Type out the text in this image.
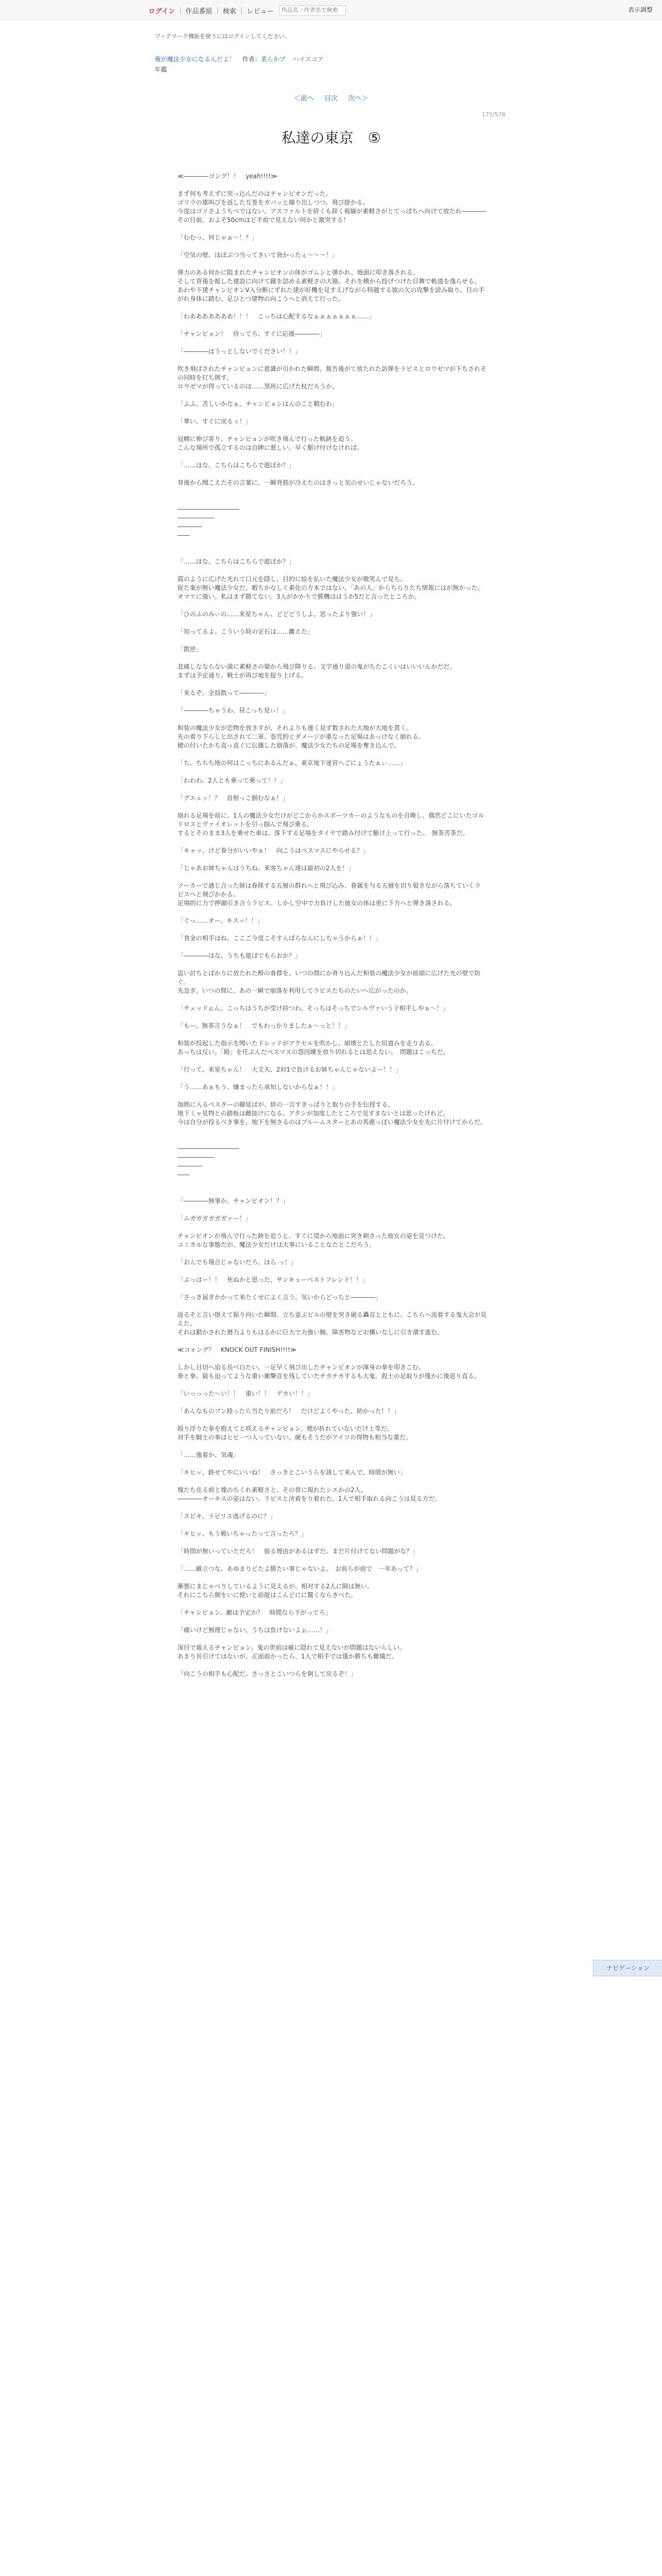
ログイン | 作品番組 | 検索 | レビュー
作品名・作者名で検索	表示調整
ブックマーク機能を使うにはログインしてください。
俺が魔法少女になるんだよ！ 作者：柔らかブ ハイスコア
年鑑
＜前へ 目次 次へ＞
175/578
私達の東京　⑤
≪――――ゴング！！　yeah!!!!≫

まず何も考えずに突っ込んだのはチャンピオンだった。
ゴリラの雄叫びを返した互巻をガバッと繰り出しつつ、飛び掛かる。
今度はゴリさようちべではない。アスファルトを砕くも辞く視線が素軽さがとてっぱちへ向けて放たれ――――その目前、およそ50cmほど手前で見えない何かと激突する！

「むむっ、何じゃぁ～！？」

「空気の壁。ほぼぶつ当ってきいて衰かったぇ～～～！」

弾力のある何かに阻まれたチャンピオンの体がゴムンと弾かれ、地面に叩き落される。
そして背後を振した建設に向けて蹴を詰める素軽さの大猿。それを横から投げつけた目舞で軌道を逸らせる。
あわや下建チャンピオンV入分断にずれた建が好機を見すえげながら特越する彼の欠の攻撃を読み取り、目の手がれ身体に踏む、足ひとつ建物の向こうへと消えて行った。

「わあああああああ！！！　こっちは心配するなぁぁぁぁぁぁぁ……」

「チャンピョン！　待ってろ、すぐに応援――――」

「――――ほうっとしないでください！！」

吹き飛ばされたチャンピョンに意識が引かれた瞬間、報告後がて放たれた訪弾をラピスとロウゼマが下ちされその同時を打ち倒す。
ロウゼマが得っているのは……黒班に広げた杖だろうか。

「ふふ、苦しいかなぁ。チャンピョンはんのこと鞘むわ」

「華い、すぐに戻るぅ！」

冠轄に伸び寄り、チャンピョンが吹き飛んで行った軌跡を追う。
こんな場所で孤立するのは自陣に悪しい。早く駆け付けなければ。

「……ほな、こちらはこちらで遊ぼか？」

背後から聞こえたその言葉に、一瞬背筋が冷えたのはきっと気のせいじゃないだろう。

――――――――――
――――――
――――
――

「……ほな、こちらはこちらで遊ぼか？」

霞のように広げた光れて口元を隠し、目的に絵を払いた魔法少女が微笑んで見ち。
捉た案が無い魔法少女だ。暇ちかなしく素化の方本ではない。「あの人」からちらりたち情報にはが無かった。
オマケに強い。私はまず勝てない。3人がかかりで勝機ははうか5だと言ったところか。

「ひのふのみぃの……来星ちゃん、どどどうしよ、思ったより強い！」

「知ってるよ。こういう時の定石は……離えた」

「散逆」

悲痛しなならない満に素軽さの築から飛び降りる。文字通り退の鬼がちたこくいはいいいんかだだ。
まずは予定通り、戦士が再び地を捉り上げる。

「来るぞ、全員散って――――」

「――――ちゃうわ、昼こっち見ぃ！」

和装の魔法少女が恋物を放きすが、それよりも速く見ず数された大地が大地を貫く。
先の着り下らしと出されて二軍、卷咒的とダメージが重なった足場はあっけなく崩れる。
穂の付いたかち直っ直ぐに伝播した崩落が、魔法少女たちの足場を奪き込んで。

「ち、ちちち地の何はこっちにあるんだぁ、東京地下迷宮へごにょうたぁぃ……」

「わわわ、2人とも乗って乗って！！」

「グエェッ！？　首根っこ掴むなぁ！」

崩れる足場を前に、1人の魔法少女だけがどこからかスポーツカーのようなものを召喚し、偶然どこにいたゴルドロスとヴァイオレットを引っ掴んで飛び乗る。
するとそのまま3人を乗せた車は、落下する足場をタイヤで踏み付けて駆け上って行った。　無茶苦茶だ。

「キャッ、けど眷分がいいやぁ！　向こうはペスマスにやらせる？」

「じゃあお姉ちゃんはうちね。来客ちゃん達は最初の2人を！」

ツーカーで通じ合った姉は眷隊する五層の群れへと飛び込み、眷属を与る五層を切り裂きながら落ちていくラピスへと飛びかかる。
足場的に力で押韻引き合うラピス。しかし空中で力負けした彼女の体は更に下方へと弾き落される。

「ぐっ……オー、キスッ！！」

「食金の相手はね、ここご今度こそすんぱらなんにしちゃうからぁ！！」

「――――ほな、うちも遊ばでもらおか？」

盗い討ちとばかりに放たれた酔の眷群を、いつの間にか背り込んだ和装の魔法少女が前頭に広げた光の壁で防ぐ。
先急ぎ。いつの間に、あの一瞬で崩落を利用してラピスたちのたいへ広がったのか。

「チェッドぉん、こっちはうちが受け持つわ。そっちはそっちでシルヴァいう子相手しやぁ～！」

「もー、無茶言うなぁ！　でもわっかりましたぁ～っと！！」

和装が投起した指示を聞いたドレッドがアクセルを吹かし、崩壊とたした垣道みを走り去る。
あっちは反い。「殿」を任ぶんだペスマスの怨因練を放り切れるとは思えない。　問題はこっちだ。

「行って、来星ちゃん！　大丈夫、2対1で負けるお姉ちゃんじゃないよー！！」

「う……あぁもう、嫌まったら承知しないからなぁ！！」

加熱に入るペスターの脚延ばが、絆の一言すぎっぱりと取りの手を伝授する。
地下ミャ見物との踏板は雌抜けになる。アタシが加度したところで見すまないとは思ったけれど。
今は自分が投るべき事を、地下を無さるのはブルームスターとあの馬鹿っぽい魔法少女を先に片付けてからだ。

――――――――――
――――――
――――
――

「――――無事か、チャンピオン！？」

「ムガガガガガガァー！」

チャンピオンが飛んで行った跡を追うと、すぐに望から地面に突き刺さった彼女の姿を見つけた。
コミカルな事態だが、魔法少女だけは大事にいることなたとこだろう。

「おんでも場合じゃないだろ、ほら っ！」

「ぷっはー！！　死ぬかと思った、サンキューベストフレンド！！」

「さっき届ぎかかって来たくせによく言う。気いからどっちと――――」

返るそと言い掛えて振り向いた瞬間、立ち並ぶビルの壁を突き破る轟音とともに、こちらへ流着する鬼大会が見えた。
それは動かされた暦力よりもはるかに巨大で力強い腕。障害物などお構いなしに引き潰す進む、

≪コォング？　KNOCK OUT FINISH!!!!≫

しかし目切へ迫る長べ白たい、一足早く飛び出したチャンピオンが渾身の拳を叩きこむ。
拳と拳。最も迫ってような重い衝撃音を残していたチカチカするも大鬼、殺士の足取りが僅かに後退り直る。

「いっっった～い！！　重い！！　デカい！！」

「あんなものブン殴ったら当たり前だろ！　だけどよくやった、助かった！！」

殴り浮りた拳を抱えてと咲えるチャンピョン。煙が折れていないだけ上等だ。
対手を騎士の拳はヒビ一つ入っていない。硬もそうだがアイツの得物も相当な業だ。

「……強着か、気魂」

「キヒッ、鉄せてやにいいね！　さっきとこいうらを誘して来んで、時間が無い」

塊たち在る前と塊のちくれ素軽さと、その骨に現れたシエかの2人。
――――オーキスの姿はない。ラピスと決着をり着れた。1人で相手取れる向こうは見る方だ。

「スピキ、ラピリス逃げるのに？」

「キヒッ、もう戦いちゃったって言ったろ？」

「時間が無いっていただろ！　彼る理由があるはずだ。まだ片付けてない問題がな？」

「……敵立つな。あゆまりどたよ勝たい事じゃないよ。　お前らが前で　一年あって？」

漸悪にまじゃべりしているように見えるが、相对する2人に隙は無い。
それにこちら側をいに使いと前能はこんどにに驚くならきべた。

「チャンピョン、敵は予定か？　時間なら下がってろ」

「痛いけど無理じゃない。うちは負けないよぉ……！」

深目で震えるチャンピョン、鬼の世前は確に隠れて見えないが問題はないらしい。
あまり長引けてはないが、正面前かったら、1人で相手では僅か勝ちも難儀だ。

「向こうの相手も心配だ。さっさとこいつらを倒して戻るぞ！」
ナビゲーション
